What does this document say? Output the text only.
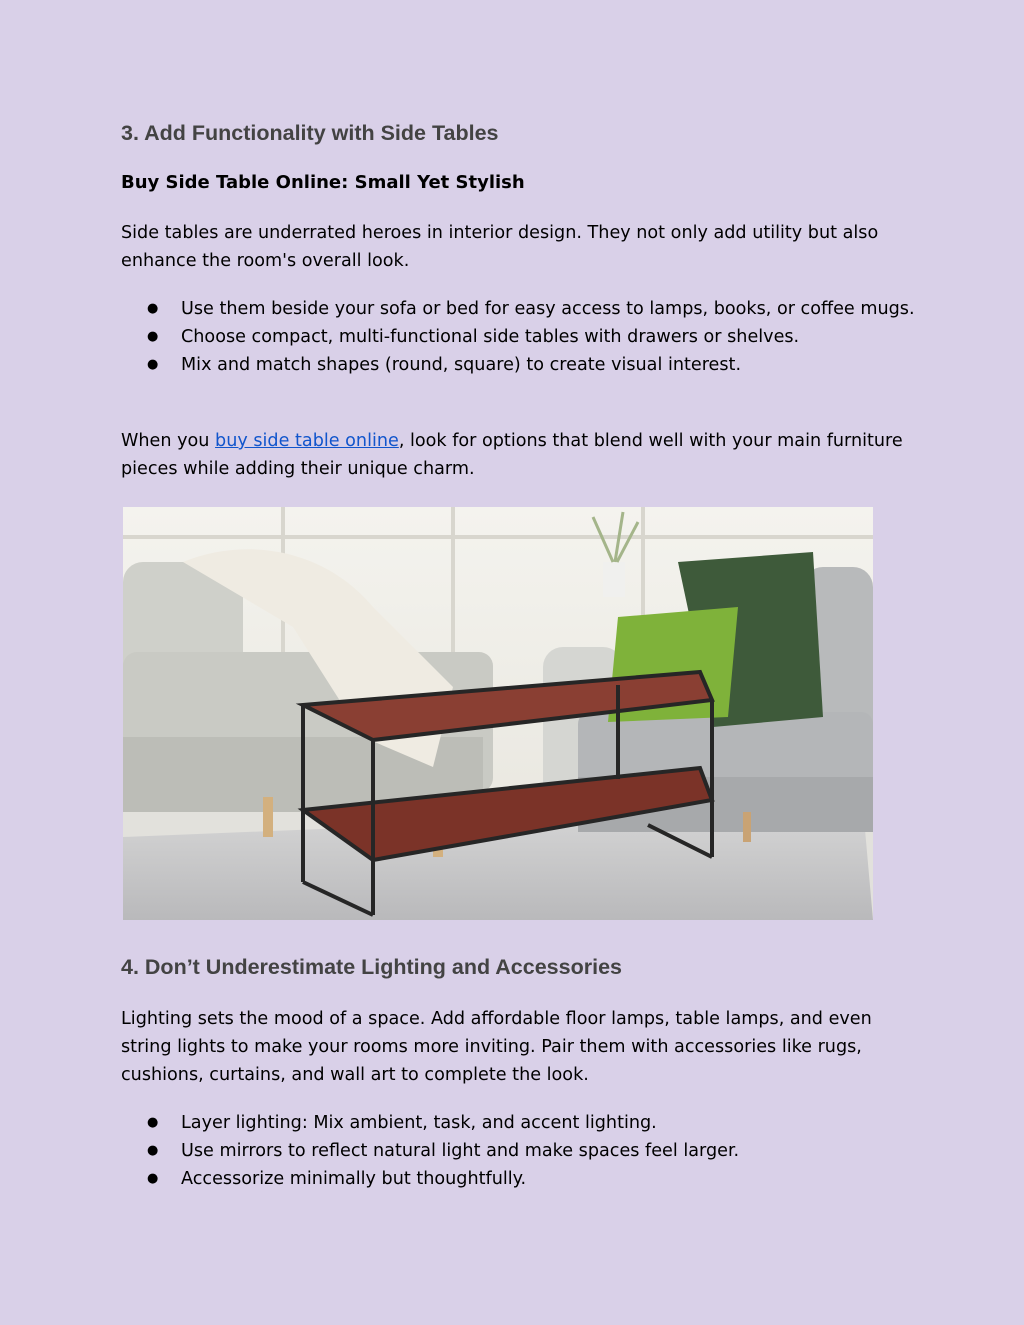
3. Add Functionality with Side Tables
Buy Side Table Online: Small Yet Stylish

Side tables are underrated heroes in interior design. They not only add utility but also enhance the room's overall look.

● Use them beside your sofa or bed for easy access to lamps, books, or coffee mugs.
● Choose compact, multi-functional side tables with drawers or shelves.
● Mix and match shapes (round, square) to create visual interest.

When you buy side table online, look for options that blend well with your main furniture pieces while adding their unique charm.

4. Don’t Underestimate Lighting and Accessories

Lighting sets the mood of a space. Add affordable floor lamps, table lamps, and even string lights to make your rooms more inviting. Pair them with accessories like rugs, cushions, curtains, and wall art to complete the look.

● Layer lighting: Mix ambient, task, and accent lighting.
● Use mirrors to reflect natural light and make spaces feel larger.
● Accessorize minimally but thoughtfully.
